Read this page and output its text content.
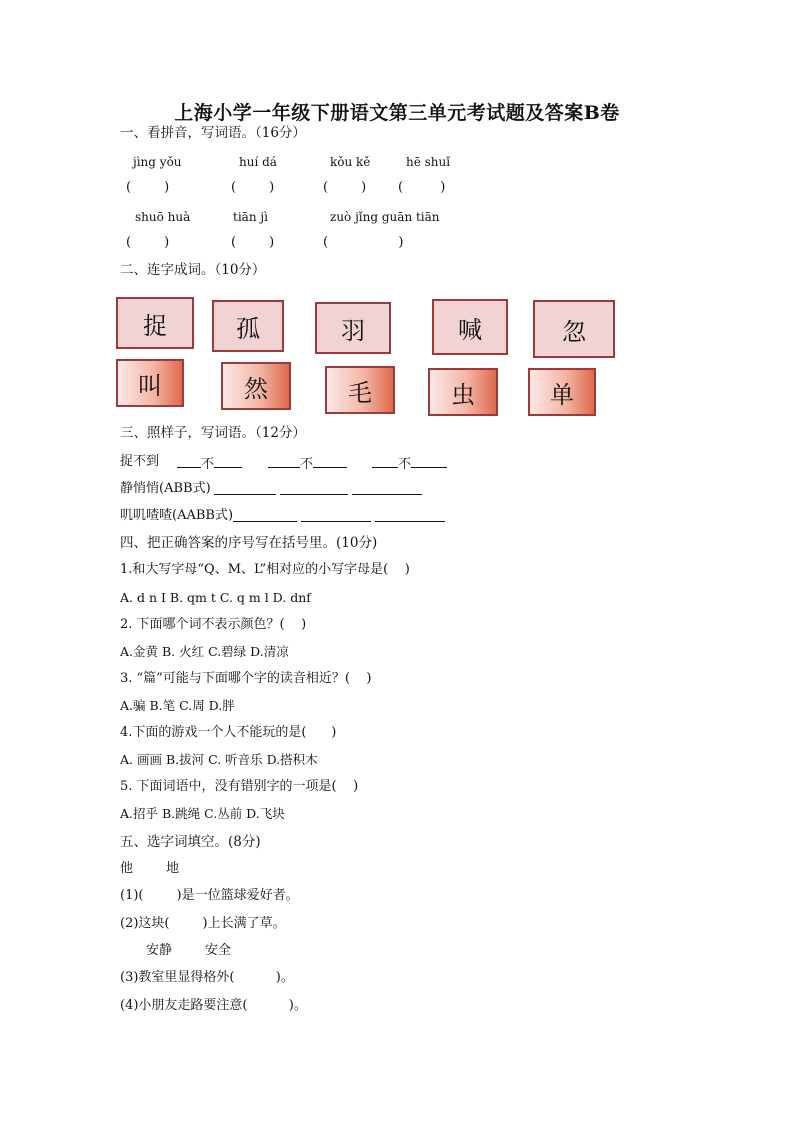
上海小学一年级下册语文第三单元考试题及答案B卷
一、看拼音，写词语。（16分）
jìng yǒu	huí dá	kǒu kě	hē shuǐ
(        )	(        )	(        ) (         )
shuō huà	tiān jì	zuò jǐng guān tiān
(        )	(        )	(                 )
二、连字成词。（10分）
捉	孤	羽	喊	忽
叫	然	毛	虫	单
三、照样子，写词语。（12分）
捉不到	不	不	不
静悄悄(ABB式)

叽叽喳喳(AABB式)

四、把正确答案的序号写在括号里。(10分)
1.和大写字母“Q、M、L”相对应的小写字母是(    )
A. d n I B. qm t C. q m l D. dnf
2. 下面哪个词不表示颜色？(    )
A.金黄 B. 火红 C.碧绿 D.清凉
3. “篇”可能与下面哪个字的读音相近？(    )
A.骗 B.笔 C.周 D.胖
4.下面的游戏一个人不能玩的是(      )
A. 画画 B.拔河 C. 听音乐 D.搭积木
5. 下面词语中，没有错别字的一项是(    )
A.招乎 B.跳绳 C.丛前 D.飞块
五、选字词填空。(8分)
他        地
(1)(        )是一位篮球爱好者。
(2)这块(        )上长满了草。
安静        安全
(3)教室里显得格外(          )。
(4)小朋友走路要注意(          )。
